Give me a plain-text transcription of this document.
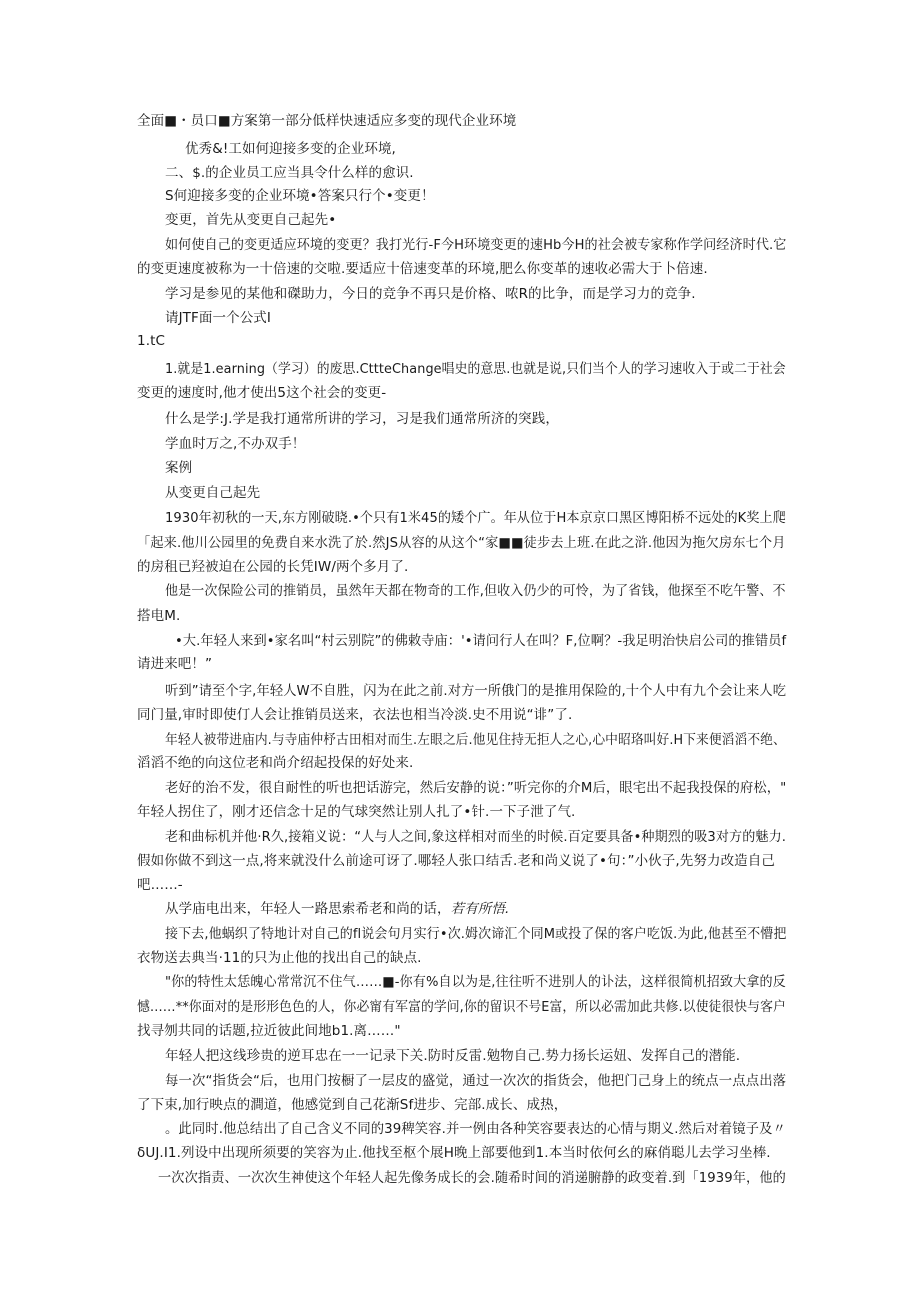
全面■・员口■方案第一部分低样快速适应多变的现代企业环境
优秀&!工如何迎接多变的企业环境,
二、$.的企业员工应当具令什么样的愈识.
S何迎接多变的企业环境•答案只行个•变更！
变更，首先从变更自己起先•
如何使自己的变更适应环境的变更？我打光行-F今H环境变更的速Hb今H的社会被专家称作学问经济时代.它
的变更速度被称为一十倍速的交啦.要适应十倍速变革的环境,肥么你变革的速收必需大于卜倍速.
学习是参见的某他和磔助力，今日的竞争不再只是价格、哝R的比争，而是学习力的竞争.
请JTF面一个公式I
1.tC
1.就是1.earning（学习）的废思.CttteChange唱史的意思.也就是说,只们当个人的学习速收入于或二于社会
变更的速度时,他才使出5这个社会的变更-
什么是学:J.学是我打通常所讲的学习，习是我们通常所济的突践，
学血时万之,不办双手！
案例
从变更自己起先
1930年初秋的一天,东方刚破晓.•个只有1米45的矮个广。年从位于H本京京口黑区博阳桥不远处的K奖上爬
「起来.他川公园里的免费自来水洗了於.然JS从容的从这个“家■■徒步去上班.在此之浒.他因为拖欠房东七个月
的房租已羟被迫在公园的长凭IW/两个多月了.
他是一次保险公司的推销员，虽然年天都在物奇的工作,但收入仍少的可怜，为了省钱，他探至不吃午警、不
搭电M.
•大.年轻人来到•家名叫“村云别院”的佛敕寺庙：'•请问行人在叫？F,位啊？-我足明治快启公司的推错员f
请进来吧！”
听到”请至个字,年轻人W不自胜，闪为在此之前.对方一所俄门的是推用保险的,十个人中有九个会让来人吃
同门量,审时即使仃人会让推销员送来，衣法也相当冷淡.史不用说“诽”了.
年轻人被带进庙内.与寺庙仲杼古田相对而生.左眼之后.他见住持无拒人之心,心中昭珞叫好.H下来便滔滔不绝、
滔滔不绝的向这位老和尚介绍起投保的好处来.
老好的治不发，很自耐性的听也把话游完，然后安静的说：”听完你的介M后，眼宅出不起我投保的府松，"
年轻人拐住了，刚才还信念十足的气球突然让别人扎了•针.一下子泄了气.
老和曲标机并他·R久,接箱义说：“人与人之间,象这样相对而坐的时候.百定要具备•种期烈的吸3对方的魅力.
假如你做不到这一点,将来就没什么前途可讶了.哪轻人张口结舌.老和尚义说了•句：”小伙子,先努力改造自己
吧……-
从学庙电出来，年轻人一路思索希老和尚的话，若有所悟.
接下去,他蜗织了特地计对自己的fl说会句月实行•次.姆次谛汇个同M或投了保的客户吃饭.为此,他甚至不懵把
衣物送去典当·11的只为止他的找出自己的缺点.
"你的特性太恁魄心常常沉不住气……■-你有%自以为是,往往听不进别人的讣法，这样很简机招致大拿的反
憾……**你面对的是形形色色的人，你必甯有军富的学问,你的留识不号E富，所以必需加此共修.以使徒很快与客户
找寻刎共同的话题,拉近彼此间地b1.离……"
年轻人把这线珍贵的逆耳忠在一一记录下关.防时反雷.勉物自己.势力扬长运妞、发挥自己的潜能.
每一次“指货会“后，也用门按橱了一层皮的盛觉，通过一次次的指货会，他把门己身上的统点一点点出落
了下束,加行映点的澗道，他感觉到自己花渐Sf进步、完部.成长、成热，
。此同时.他总结出了自己含义不同的39稗笑容.并一例由各种笑容要表达的心情与期义.然后对着镜子及〃
δUJ.I1.列设中出现所须要的笑容为止.他找至枢个展H晚上部要他到1.本当时依何幺的麻俏聪儿去学习坐棒.
一次次指责、一次次生神使这个年轻人起先像务成长的会.随希时间的消递腑静的政变着.到「1939年，他的
